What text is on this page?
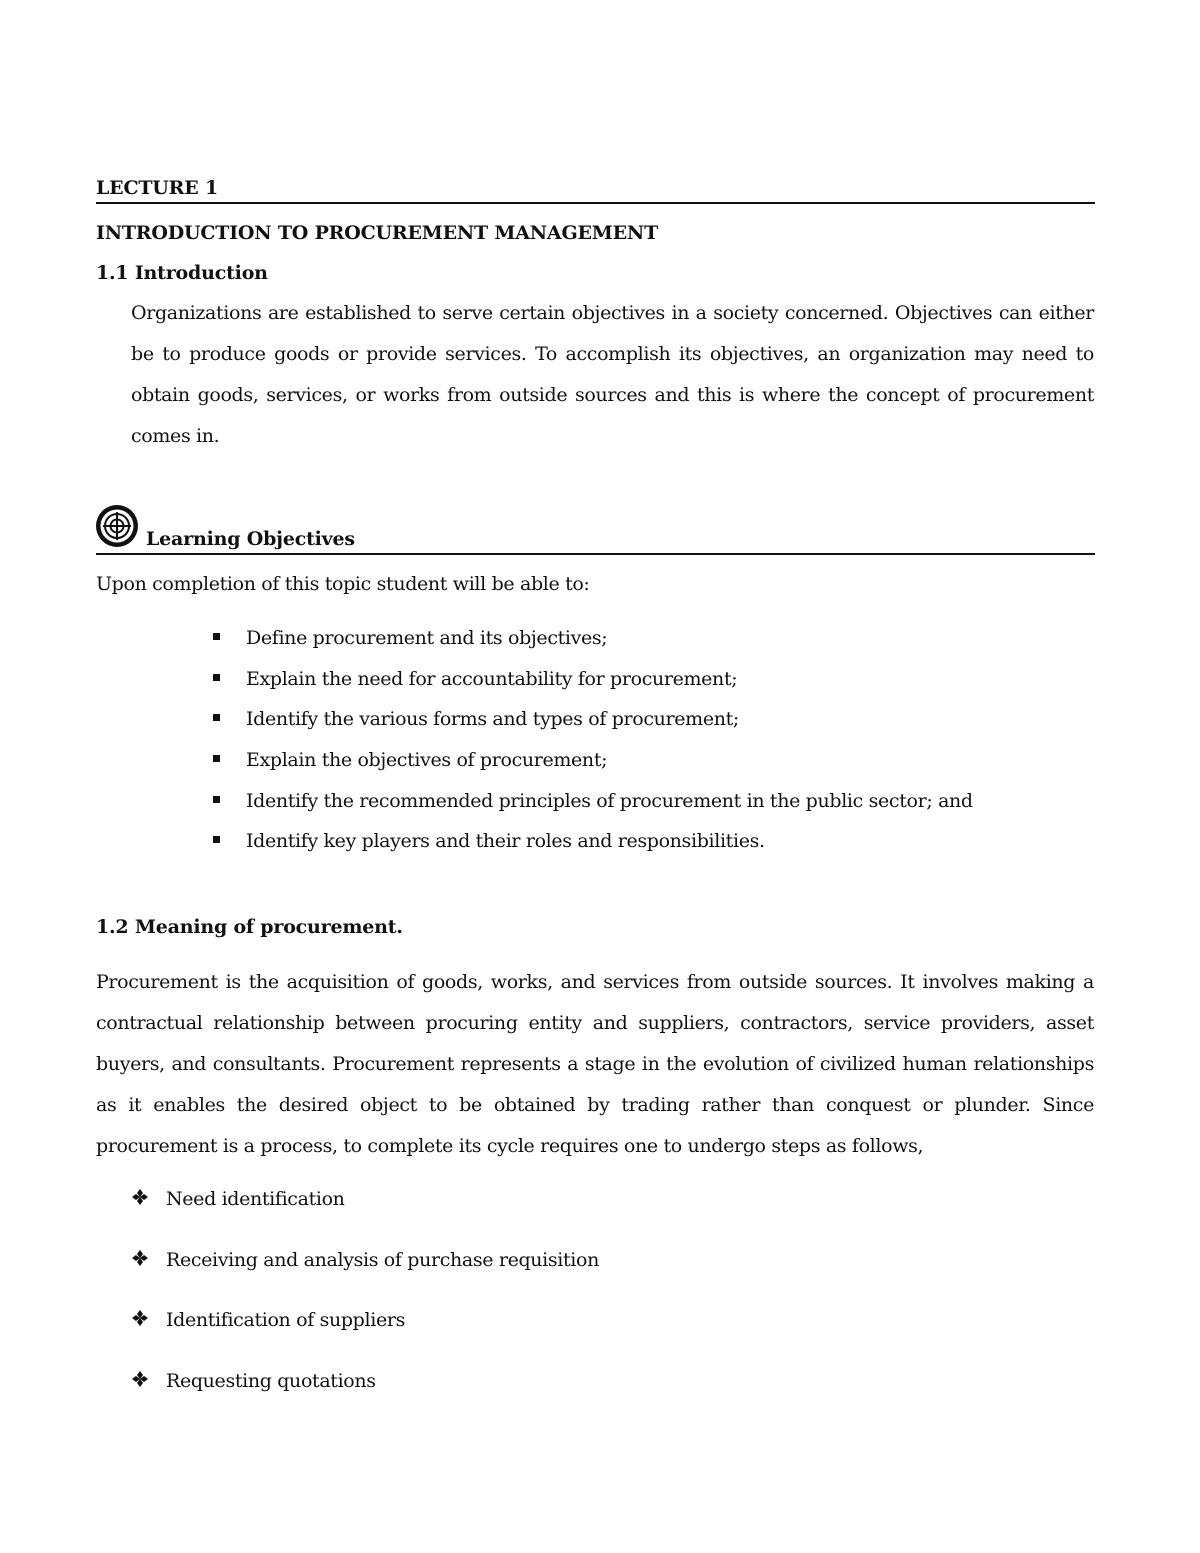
LECTURE 1
INTRODUCTION TO PROCUREMENT MANAGEMENT
1.1 Introduction
Organizations are established to serve certain objectives in a society concerned. Objectives can either be to produce goods or provide services. To accomplish its objectives, an organization may need to obtain goods, services, or works from outside sources and this is where the concept of procurement comes in.
Learning Objectives
Upon completion of this topic student will be able to:
Define procurement and its objectives;
Explain the need for accountability for procurement;
Identify the various forms and types of procurement;
Explain the objectives of procurement;
Identify the recommended principles of procurement in the public sector; and
Identify key players and their roles and responsibilities.
1.2 Meaning of procurement.
Procurement is the acquisition of goods, works, and services from outside sources. It involves making a contractual relationship between procuring entity and suppliers, contractors, service providers, asset buyers, and consultants. Procurement represents a stage in the evolution of civilized human relationships as it enables the desired object to be obtained by trading rather than conquest or plunder. Since procurement is a process, to complete its cycle requires one to undergo steps as follows,
Need identification
Receiving and analysis of purchase requisition
Identification of suppliers
Requesting quotations
